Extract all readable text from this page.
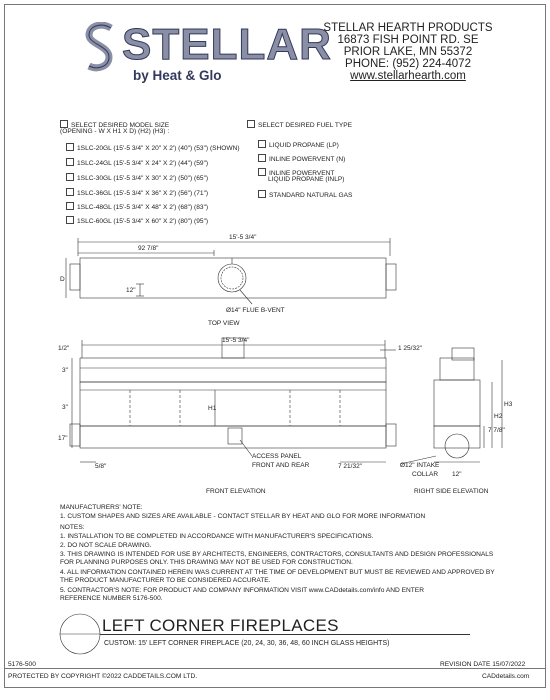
STELLAR
by Heat & Glo
STELLAR HEARTH PRODUCTS
16873 FISH POINT RD. SE
PRIOR LAKE, MN 55372
PHONE: (952) 224-4072
www.stellarhearth.com
SELECT DESIRED MODEL SIZE
(OPENING - W X H1 X D) (H2) (H3) :
1SLC-20GL (15'-5 3/4" X 20" X 2') (40") (53") (SHOWN)
1SLC-24GL (15'-5 3/4" X 24" X 2') (44") (59")
1SLC-30GL (15'-5 3/4" X 30" X 2') (50") (65")
1SLC-36GL (15'-5 3/4" X 36" X 2') (56") (71")
1SLC-48GL (15'-5 3/4" X 48" X 2') (68") (83")
1SLC-60GL (15'-5 3/4" X 60" X 2') (80") (95")
SELECT DESIRED FUEL TYPE
LIQUID PROPANE (LP)
INLINE POWERVENT (N)
INLINE POWERVENT
LIQUID PROPANE (INLP)
STANDARD NATURAL GAS
15'-5 3/4"
92 7/8"
D
12"
Ø14" FLUE B-VENT
TOP VIEW
15'-5 3/4"
1/2"
3"
3"
17"
H1
1 25/32"
5/8"	7 21/32"
ACCESS PANEL
FRONT AND REAR
FRONT ELEVATION
Ø12" INTAKE
COLLAR 12"
7 7/8"
H2
H3
RIGHT SIDE ELEVATION
MANUFACTURERS' NOTE:
1. CUSTOM SHAPES AND SIZES ARE AVAILABLE - CONTACT STELLAR BY HEAT AND GLO FOR MORE INFORMATION
NOTES:
1. INSTALLATION TO BE COMPLETED IN ACCORDANCE WITH MANUFACTURER'S SPECIFICATIONS.
2. DO NOT SCALE DRAWING.
3. THIS DRAWING IS INTENDED FOR USE BY ARCHITECTS, ENGINEERS, CONTRACTORS, CONSULTANTS AND DESIGN PROFESSIONALS
FOR PLANNING PURPOSES ONLY. THIS DRAWING MAY NOT BE USED FOR CONSTRUCTION.
4. ALL INFORMATION CONTAINED HEREIN WAS CURRENT AT THE TIME OF DEVELOPMENT BUT MUST BE REVIEWED AND APPROVED BY
THE PRODUCT MANUFACTURER TO BE CONSIDERED ACCURATE.
5. CONTRACTOR'S NOTE: FOR PRODUCT AND COMPANY INFORMATION VISIT www.CADdetails.com/info AND ENTER
REFERENCE NUMBER 5176-500.
LEFT CORNER FIREPLACES
CUSTOM: 15' LEFT CORNER FIREPLACE (20, 24, 30, 36, 48, 60 INCH GLASS HEIGHTS)
5176-500	REVISION DATE 15/07/2022
PROTECTED BY COPYRIGHT ©2022 CADDETAILS.COM LTD.	CADdetails.com
